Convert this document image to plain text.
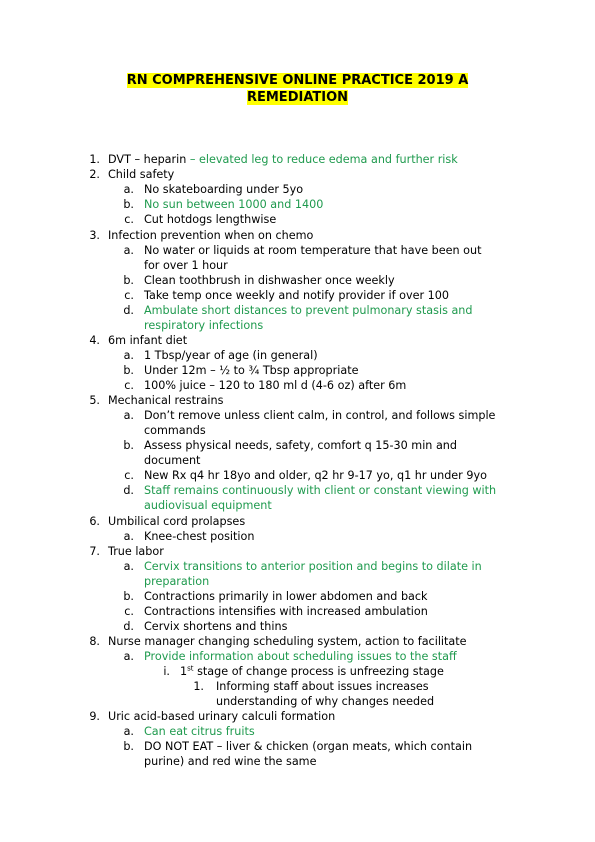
RN COMPREHENSIVE ONLINE PRACTICE 2019 A
REMEDIATION
1. DVT – heparin – elevated leg to reduce edema and further risk
2. Child safety
a. No skateboarding under 5yo
b. No sun between 1000 and 1400
c. Cut hotdogs lengthwise
3. Infection prevention when on chemo
a. No water or liquids at room temperature that have been out
for over 1 hour
b. Clean toothbrush in dishwasher once weekly
c. Take temp once weekly and notify provider if over 100
d. Ambulate short distances to prevent pulmonary stasis and
respiratory infections
4. 6m infant diet
a. 1 Tbsp/year of age (in general)
b. Under 12m – ½ to ¾ Tbsp appropriate
c. 100% juice – 120 to 180 ml d (4-6 oz) after 6m
5. Mechanical restrains
a. Don’t remove unless client calm, in control, and follows simple
commands
b. Assess physical needs, safety, comfort q 15-30 min and
document
c. New Rx q4 hr 18yo and older, q2 hr 9-17 yo, q1 hr under 9yo
d. Staff remains continuously with client or constant viewing with
audiovisual equipment
6. Umbilical cord prolapses
a. Knee-chest position
7. True labor
a. Cervix transitions to anterior position and begins to dilate in
preparation
b. Contractions primarily in lower abdomen and back
c. Contractions intensifies with increased ambulation
d. Cervix shortens and thins
8. Nurse manager changing scheduling system, action to facilitate
a. Provide information about scheduling issues to the staff
i. 1st stage of change process is unfreezing stage
1. Informing staff about issues increases
understanding of why changes needed
9. Uric acid-based urinary calculi formation
a. Can eat citrus fruits
b. DO NOT EAT – liver & chicken (organ meats, which contain
purine) and red wine the same
